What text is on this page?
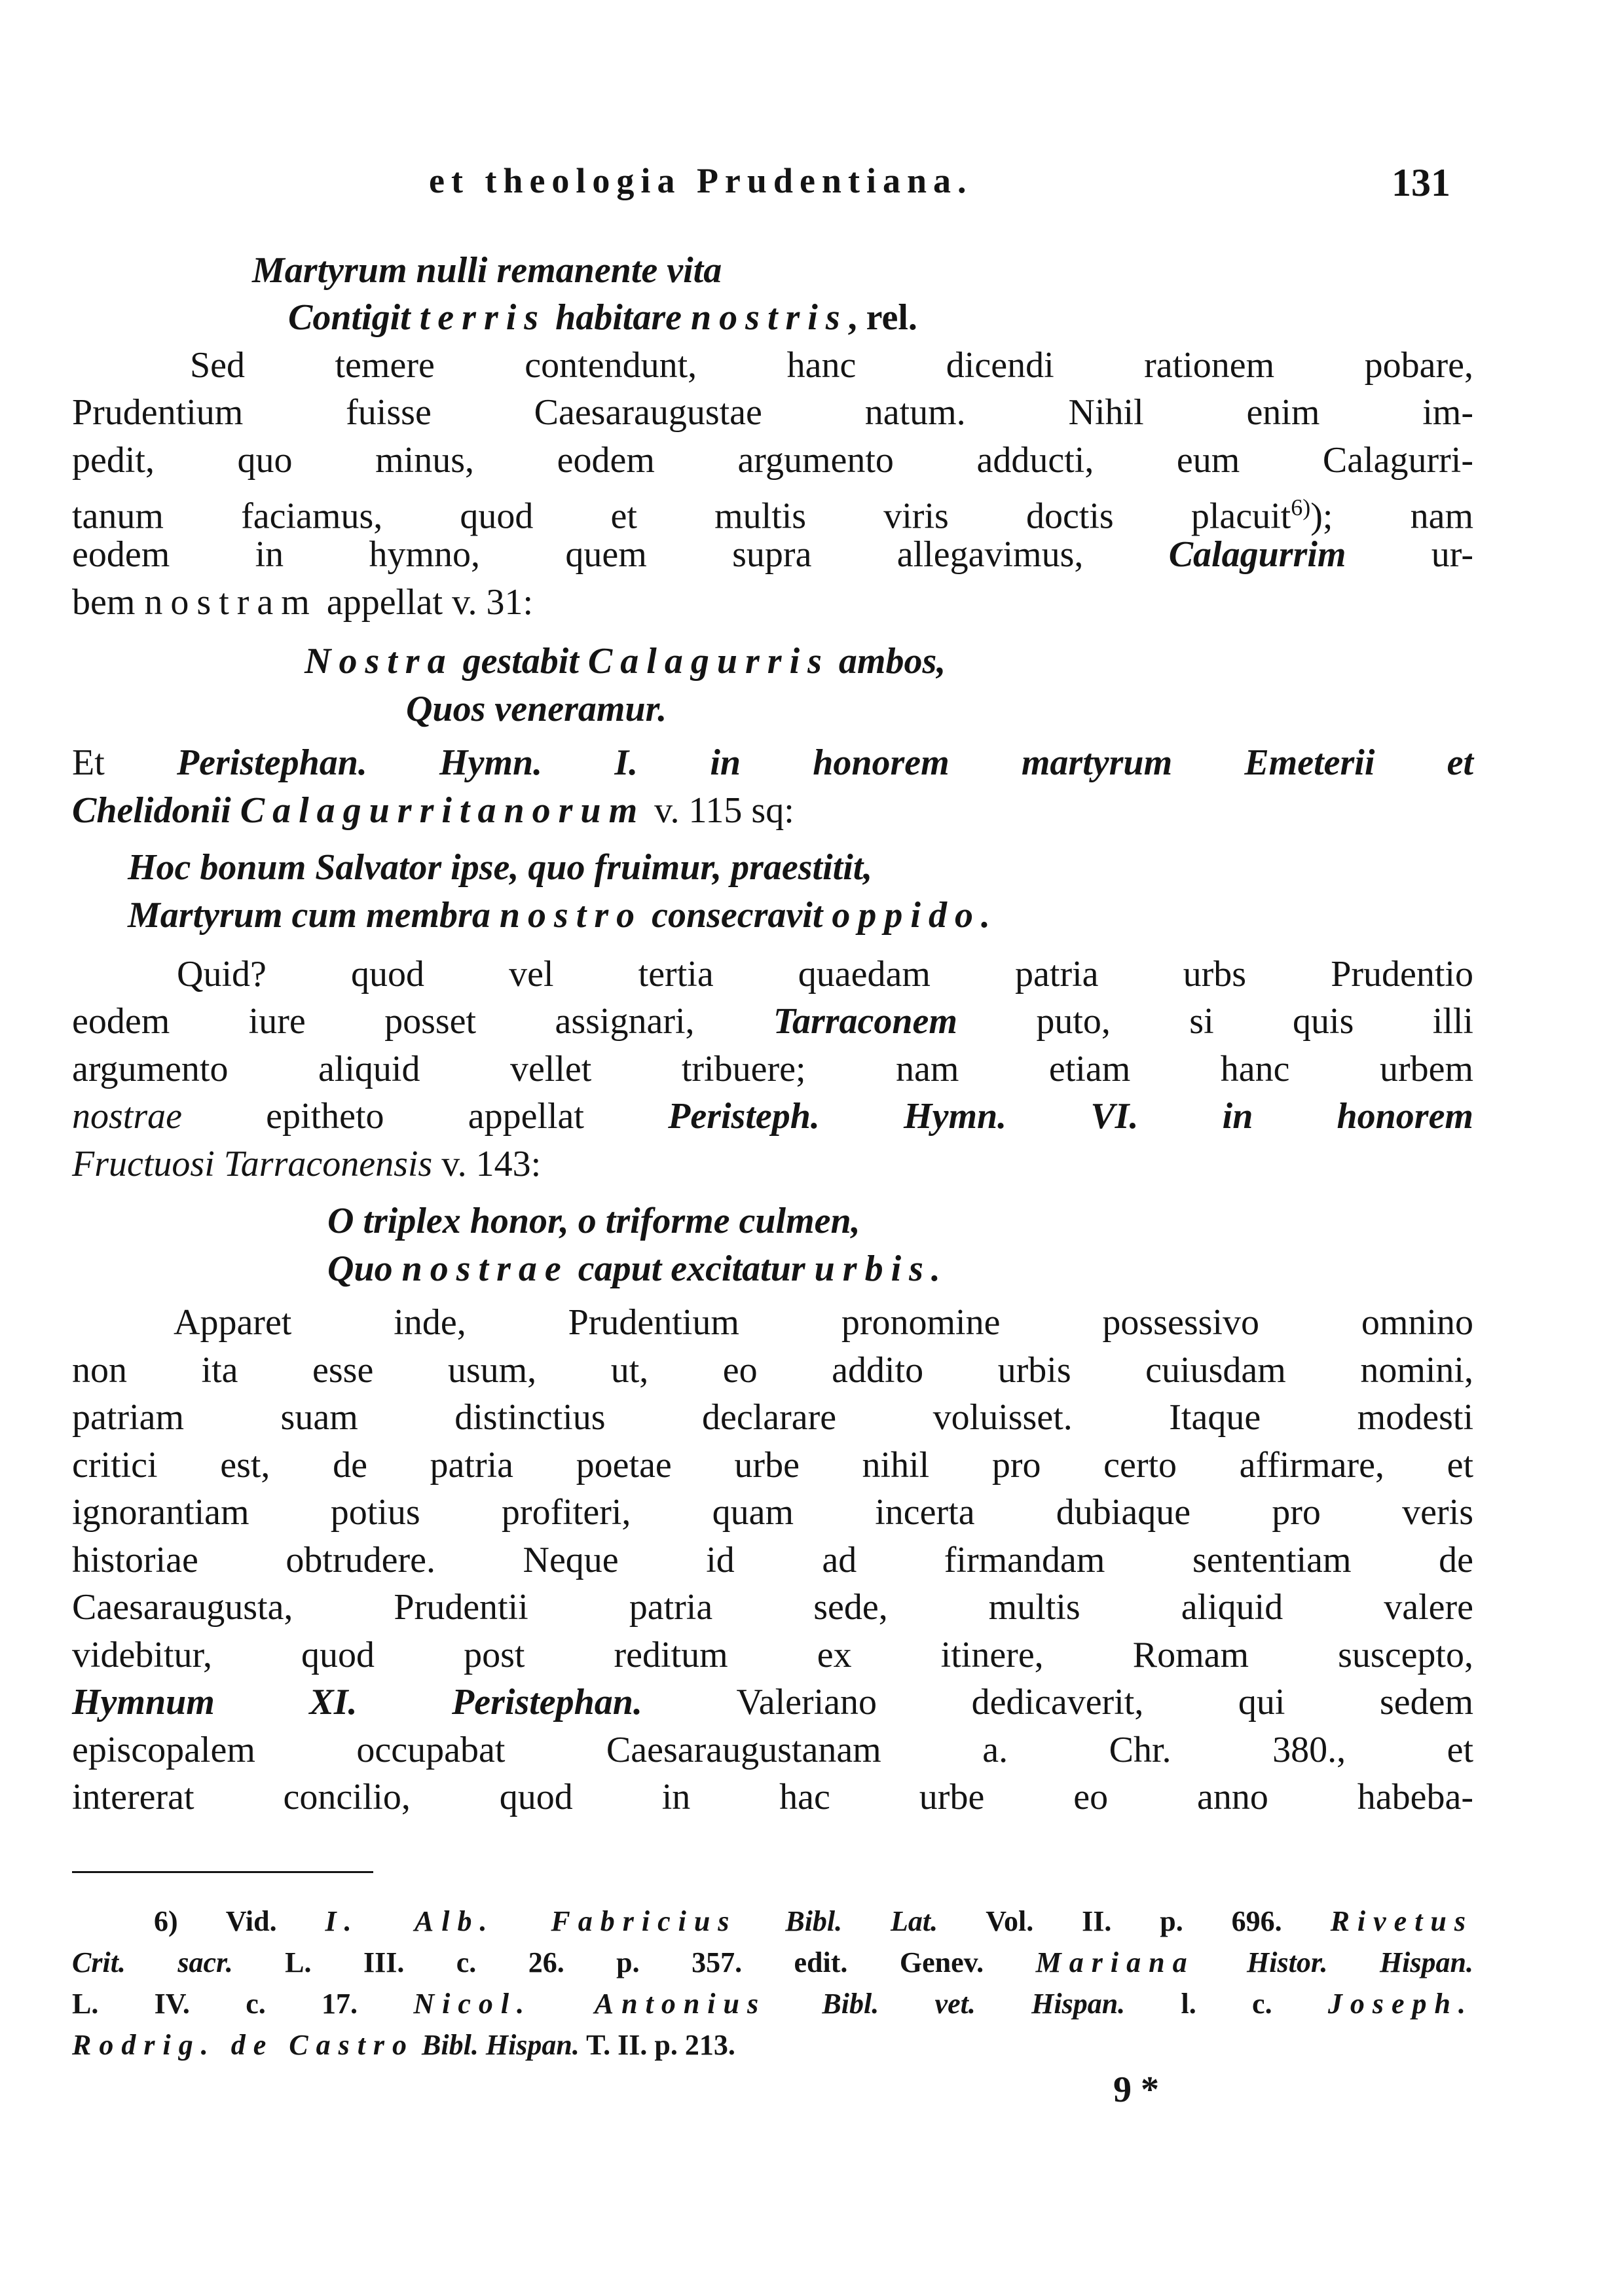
et theologia Prudentiana.	131
Martyrum nulli remanente vita
Contigit terris habitare nostris, rel.
Sed temere contendunt, hanc dicendi rationem pobare,
Prudentium fuisse Caesaraugustae natum. Nihil enim im-
pedit, quo minus, eodem argumento adducti, eum Calagurri-
tanum faciamus, quod et multis viris doctis placuit$^{6)}$); nam
eodem in hymno, quem supra allegavimus, Calagurrim ur-
bem nostram appellat v. 31:
Nostra gestabit Calagurris ambos,
Quos veneramur.
Et Peristephan. Hymn. I. in honorem martyrum Emeterii et
Chelidonii Calagurritanorum v. 115 sq:
Hoc bonum Salvator ipse, quo fruimur, praestitit,
Martyrum cum membra nostro consecravit oppido.
Quid? quod vel tertia quaedam patria urbs Prudentio
eodem iure posset assignari, Tarraconem puto, si quis illi
argumento aliquid vellet tribuere; nam etiam hanc urbem
nostrae epitheto appellat Peristeph. Hymn. VI. in honorem
Fructuosi Tarraconensis v. 143:
O triplex honor, o triforme culmen,
Quo nostrae caput excitatur urbis.
Apparet inde, Prudentium pronomine possessivo omnino
non ita esse usum, ut, eo addito urbis cuiusdam nomini,
patriam suam distinctius declarare voluisset. Itaque modesti
critici est, de patria poetae urbe nihil pro certo affirmare, et
ignorantiam potius profiteri, quam incerta dubiaque pro veris
historiae obtrudere. Neque id ad firmandam sententiam de
Caesaraugusta, Prudentii patria sede, multis aliquid valere
videbitur, quod post reditum ex itinere, Romam suscepto,
Hymnum XI. Peristephan. Valeriano dedicaverit, qui sedem
episcopalem occupabat Caesaraugustanam a. Chr. 380., et
intererat concilio, quod in hac urbe eo anno habeba-
6) Vid. I. Alb. Fabricius Bibl. Lat. Vol. II. p. 696. Rivetus
Crit. sacr. L. III. c. 26. p. 357. edit. Genev. Mariana Histor. Hispan.
L. IV. c. 17. Nicol. Antonius Bibl. vet. Hispan. l. c. Joseph.
Rodrig. de Castro Bibl. Hispan. T. II. p. 213.
9 *
